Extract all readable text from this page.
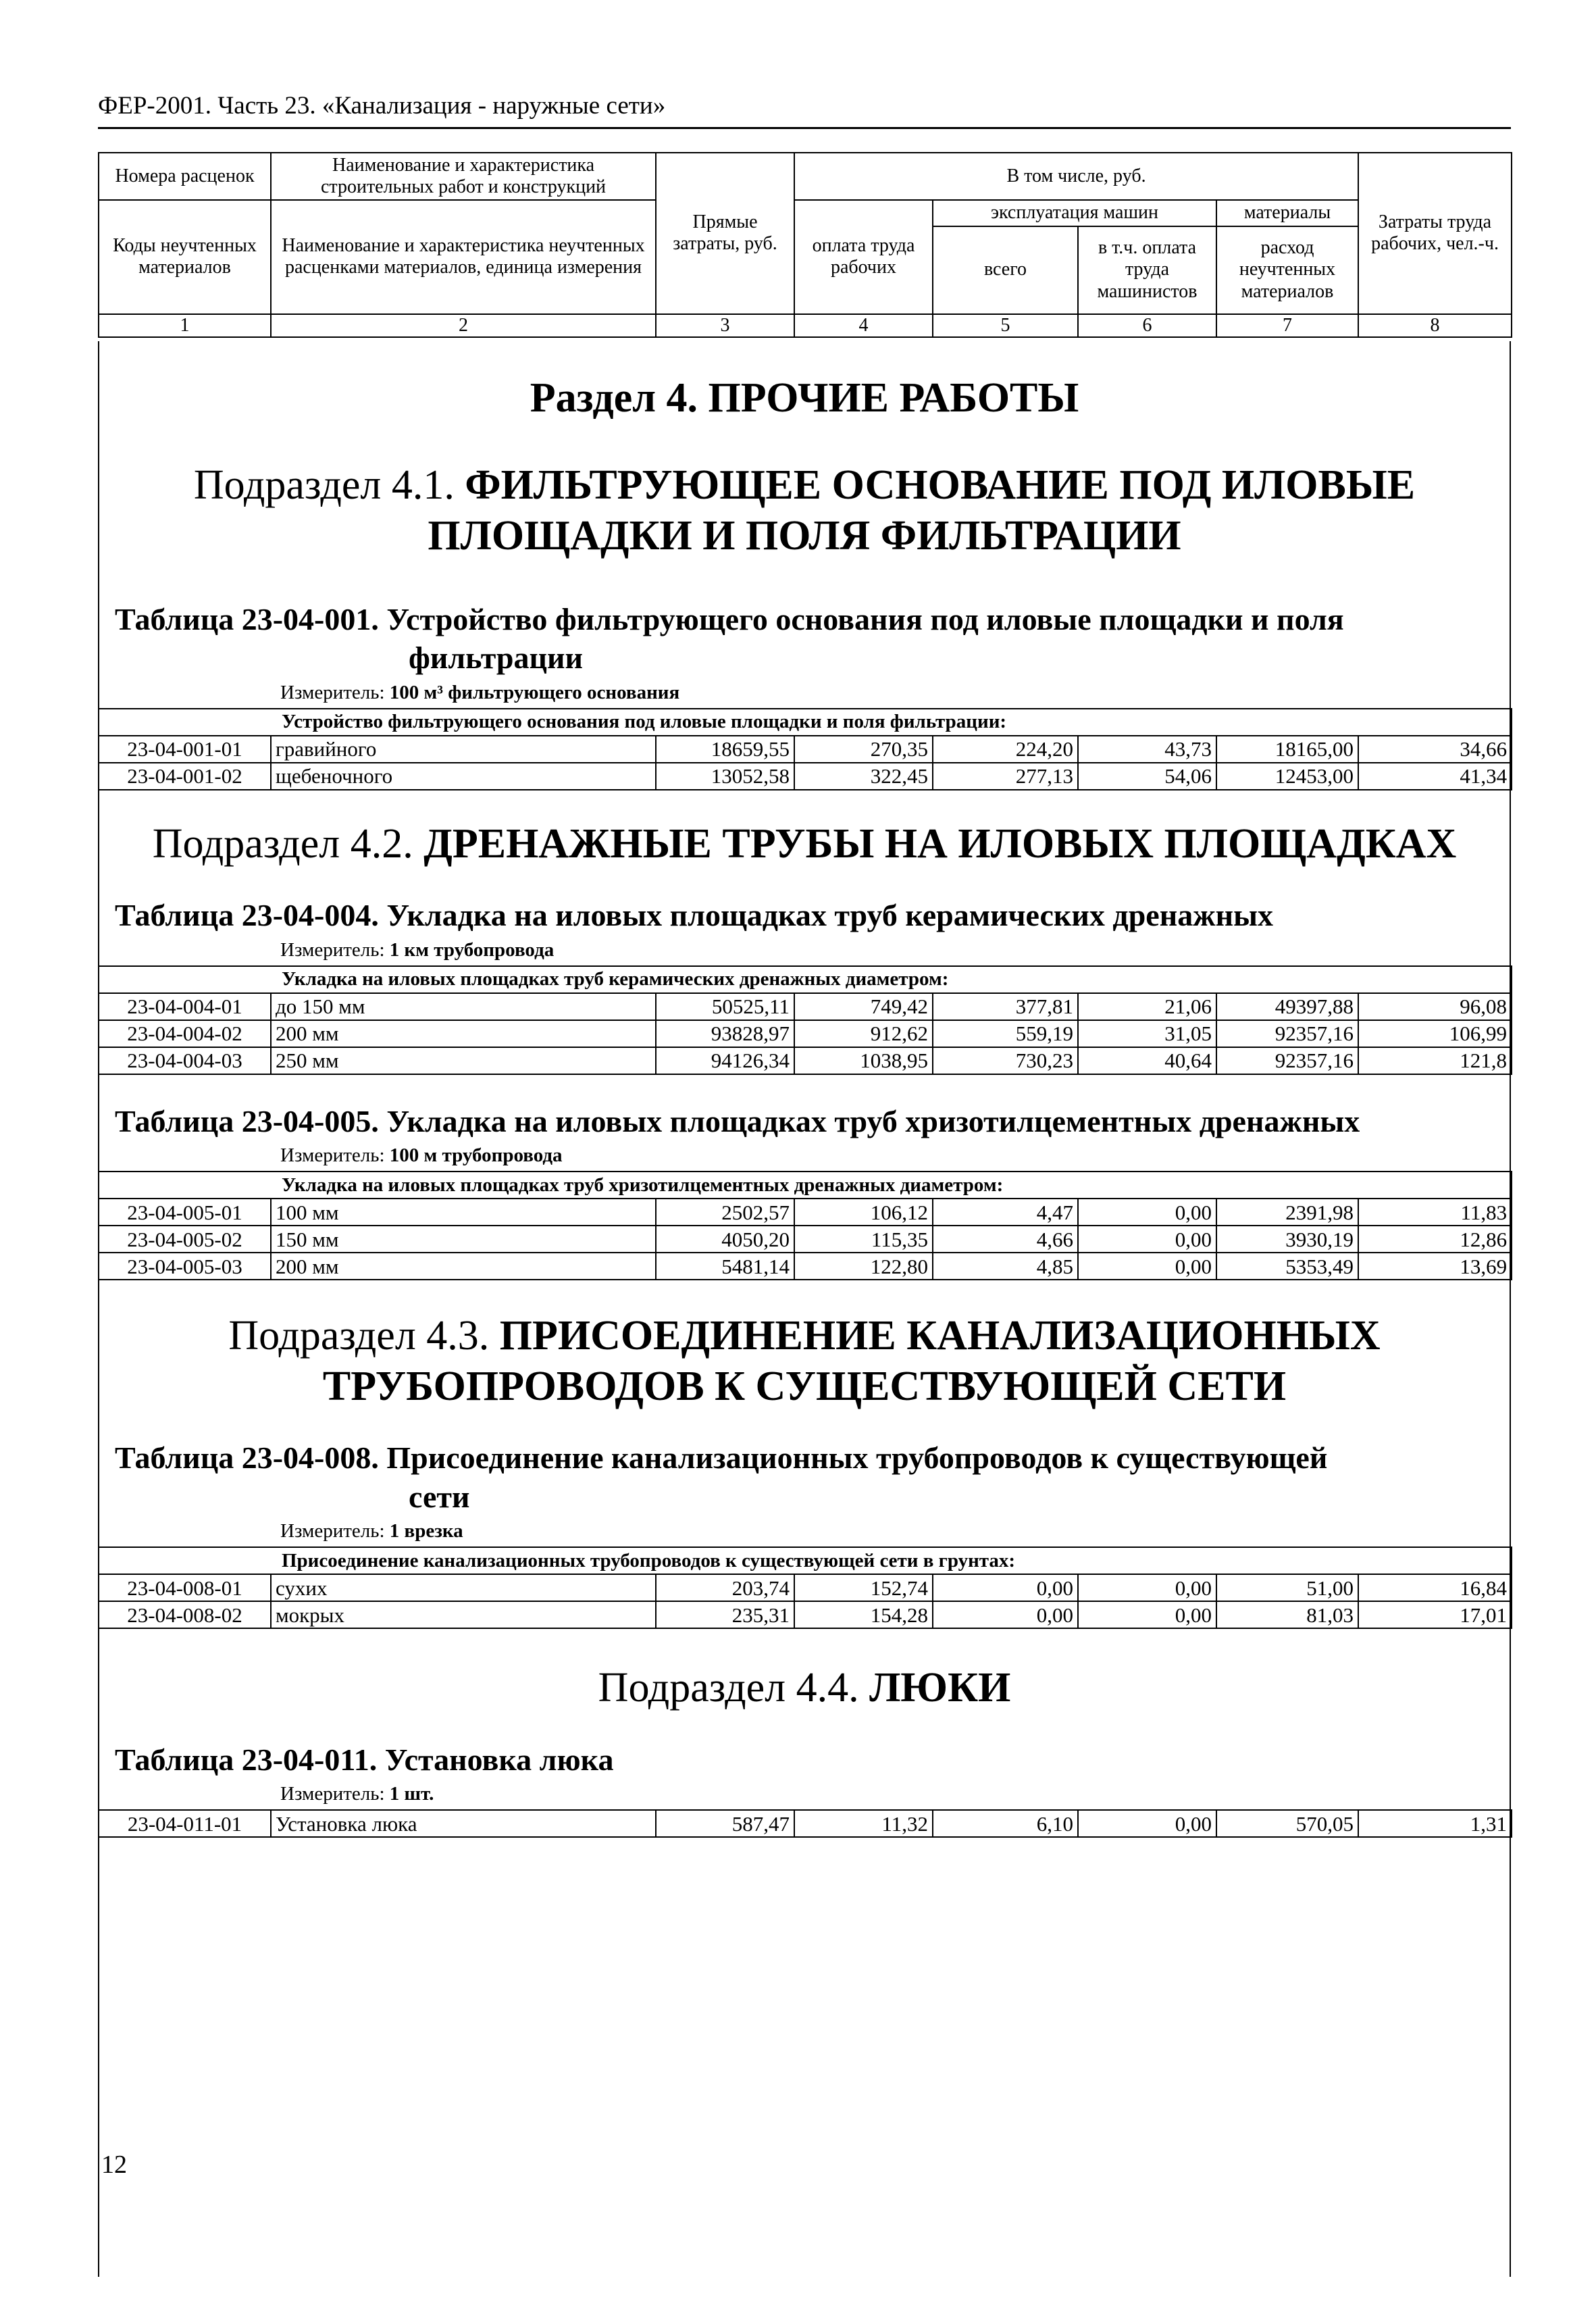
ФЕР-2001. Часть 23. «Канализация - наружные сети»
Номера расценок	Наименование и характеристика строительных работ и конструкций	Прямые затраты, руб.	В том числе, руб.				Затраты труда рабочих, чел.-ч.
Коды неучтенных материалов	Наименование и характеристика неучтенных расценками материалов, единица измерения		оплата труда рабочих	эксплуатация машин		материалы	
				всего	в т.ч. оплата труда машинистов	расход неучтенных материалов	
1	2	3	4	5	6	7	8
Раздел 4. ПРОЧИЕ РАБОТЫ
Подраздел 4.1. ФИЛЬТРУЮЩЕЕ ОСНОВАНИЕ ПОД ИЛОВЫЕ ПЛОЩАДКИ И ПОЛЯ ФИЛЬТРАЦИИ
Таблица 23-04-001. Устройство фильтрующего основания под иловые площадки и поля
фильтрации
Измеритель: 100 м³ фильтрующего основания
Устройство фильтрующего основания под иловые площадки и поля фильтрации:							
23-04-001-01	гравийного	18659,55	270,35	224,20	43,73	18165,00	34,66
23-04-001-02	щебеночного	13052,58	322,45	277,13	54,06	12453,00	41,34
Подраздел 4.2. ДРЕНАЖНЫЕ ТРУБЫ НА ИЛОВЫХ ПЛОЩАДКАХ
Таблица 23-04-004. Укладка на иловых площадках труб керамических дренажных
Измеритель: 1 км трубопровода
Укладка на иловых площадках труб керамических дренажных диаметром:							
23-04-004-01	до 150 мм	50525,11	749,42	377,81	21,06	49397,88	96,08
23-04-004-02	200 мм	93828,97	912,62	559,19	31,05	92357,16	106,99
23-04-004-03	250 мм	94126,34	1038,95	730,23	40,64	92357,16	121,8
Таблица 23-04-005. Укладка на иловых площадках труб хризотилцементных дренажных
Измеритель: 100 м трубопровода
Укладка на иловых площадках труб хризотилцементных дренажных диаметром:							
23-04-005-01	100 мм	2502,57	106,12	4,47	0,00	2391,98	11,83
23-04-005-02	150 мм	4050,20	115,35	4,66	0,00	3930,19	12,86
23-04-005-03	200 мм	5481,14	122,80	4,85	0,00	5353,49	13,69
Подраздел 4.3. ПРИСОЕДИНЕНИЕ КАНАЛИЗАЦИОННЫХ ТРУБОПРОВОДОВ К СУЩЕСТВУЮЩЕЙ СЕТИ
Таблица 23-04-008. Присоединение канализационных трубопроводов к существующей
сети
Измеритель: 1 врезка
Присоединение канализационных трубопроводов к существующей сети в грунтах:							
23-04-008-01	сухих	203,74	152,74	0,00	0,00	51,00	16,84
23-04-008-02	мокрых	235,31	154,28	0,00	0,00	81,03	17,01
Подраздел 4.4. ЛЮКИ
Таблица 23-04-011. Установка люка
Измеритель: 1 шт.
23-04-011-01	Установка люка	587,47	11,32	6,10	0,00	570,05	1,31
12
